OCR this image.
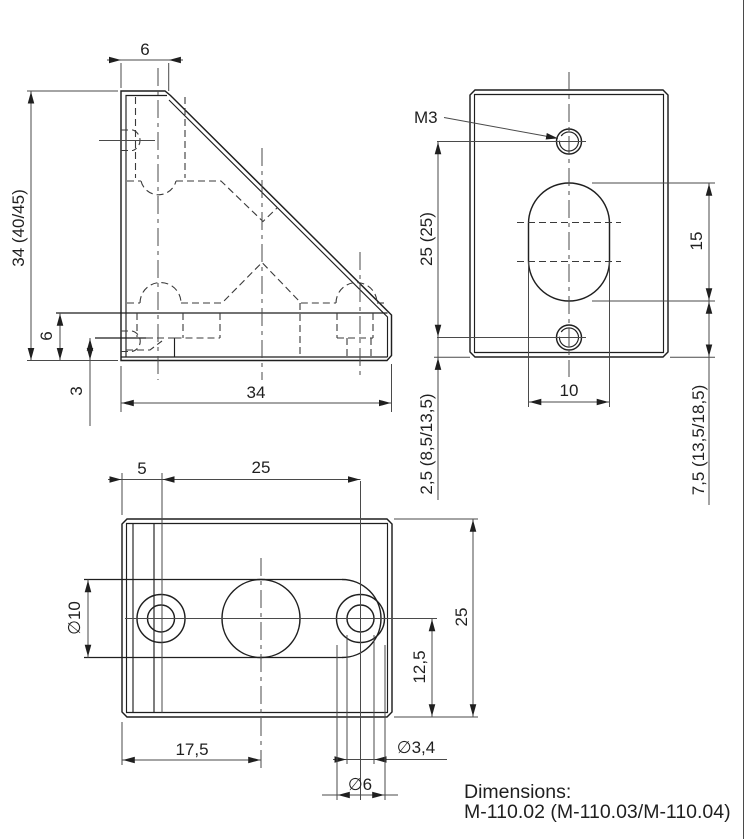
6
34 (40/45)
6
3	34
M3
25 (25)
2,5 (8,5/13,5)
15
7,5 (13,5/18,5)
10
5	25
∅10	25
12,5
17,5	∅3,4
∅6	Dimensions:
M-110.02 (M-110.03/M-110.04)
